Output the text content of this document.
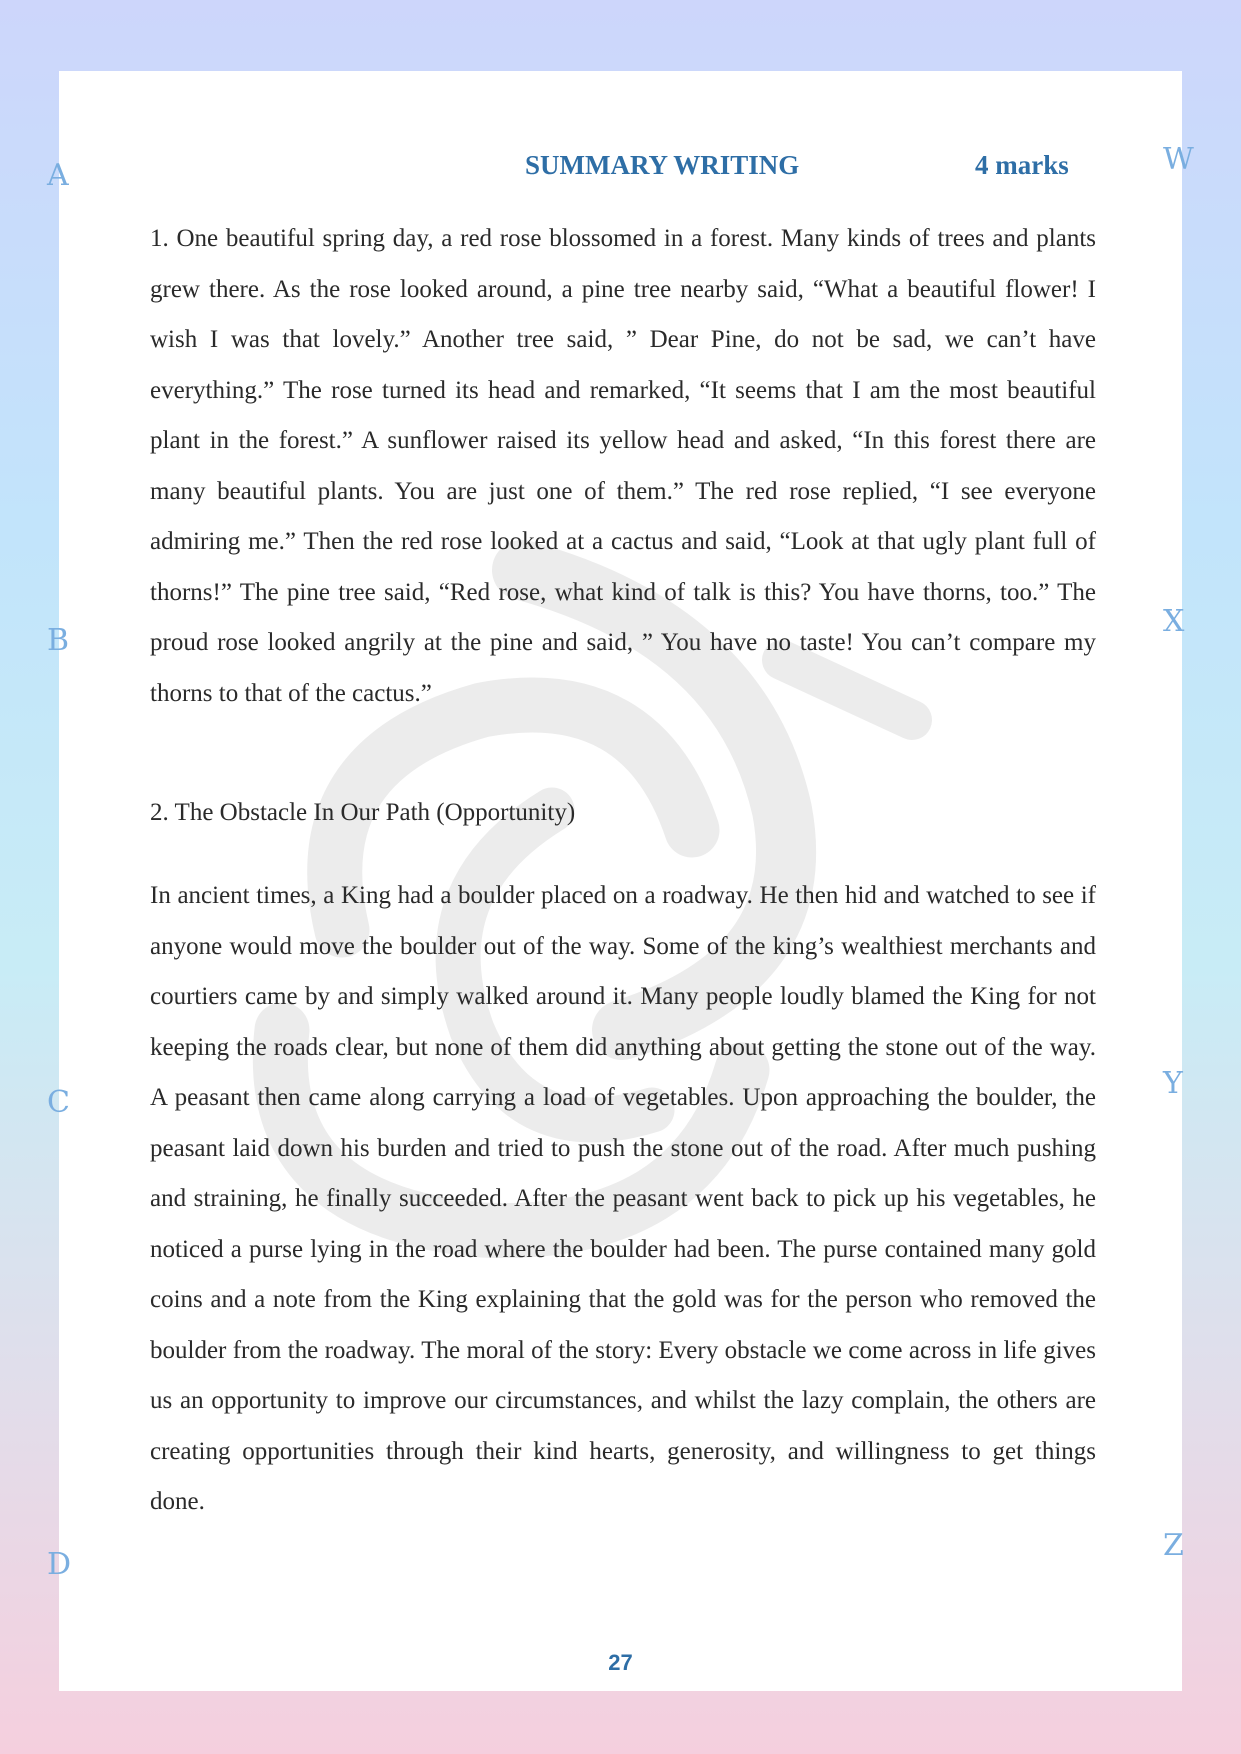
A
B
C
D
W
X
Y
Z
SUMMARY WRITING	4 marks
1. One beautiful spring day, a red rose blossomed in a forest. Many kinds of trees and plants grew there. As the rose looked around, a pine tree nearby said, “What a beautiful flower! I wish I was that lovely.” Another tree said, ” Dear Pine, do not be sad, we can’t have everything.” The rose turned its head and remarked, “It seems that I am the most beautiful plant in the forest.” A sunflower raised its yellow head and asked, “In this forest there are many beautiful plants. You are just one of them.” The red rose replied, “I see everyone admiring me.” Then the red rose looked at a cactus and said, “Look at that ugly plant full of thorns!” The pine tree said, “Red rose, what kind of talk is this? You have thorns, too.” The proud rose looked angrily at the pine and said, ” You have no taste! You can’t compare my thorns to that of the cactus.”
2. The Obstacle In Our Path (Opportunity)
In ancient times, a King had a boulder placed on a roadway. He then hid and watched to see if anyone would move the boulder out of the way. Some of the king’s wealthiest merchants and courtiers came by and simply walked around it. Many people loudly blamed the King for not keeping the roads clear, but none of them did anything about getting the stone out of the way. A peasant then came along carrying a load of vegetables. Upon approaching the boulder, the peasant laid down his burden and tried to push the stone out of the road. After much pushing and straining, he finally succeeded. After the peasant went back to pick up his vegetables, he noticed a purse lying in the road where the boulder had been. The purse contained many gold coins and a note from the King explaining that the gold was for the person who removed the boulder from the roadway. The moral of the story: Every obstacle we come across in life gives us an opportunity to improve our circumstances, and whilst the lazy complain, the others are creating opportunities through their kind hearts, generosity, and willingness to get things done.
27
